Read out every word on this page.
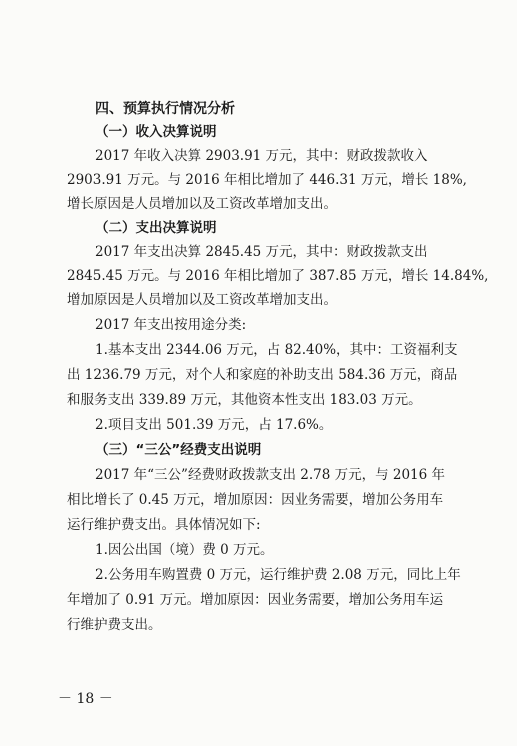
四、预算执行情况分析
（一）收入决算说明
2017 年收入决算 2903.91 万元，其中：财政拨款收入
2903.91 万元。与 2016 年相比增加了 446.31 万元，增长 18%,
增长原因是人员增加以及工资改革增加支出。
（二）支出决算说明
2017 年支出决算 2845.45 万元，其中：财政拨款支出
2845.45 万元。与 2016 年相比增加了 387.85 万元，增长 14.84%,
增加原因是人员增加以及工资改革增加支出。
2017 年支出按用途分类:
1.基本支出 2344.06 万元，占 82.40%，其中：工资福利支
出 1236.79 万元，对个人和家庭的补助支出 584.36 万元，商品
和服务支出 339.89 万元，其他资本性支出 183.03 万元。
2.项目支出 501.39 万元，占 17.6%。
（三）“三公”经费支出说明
2017 年“三公”经费财政拨款支出 2.78 万元，与 2016 年
相比增长了 0.45 万元，增加原因：因业务需要，增加公务用车
运行维护费支出。具体情况如下:
1.因公出国（境）费 0 万元。
2.公务用车购置费 0 万元，运行维护费 2.08 万元，同比上年
年增加了 0.91 万元。增加原因：因业务需要，增加公务用车运
行维护费支出。
－ 18 －
